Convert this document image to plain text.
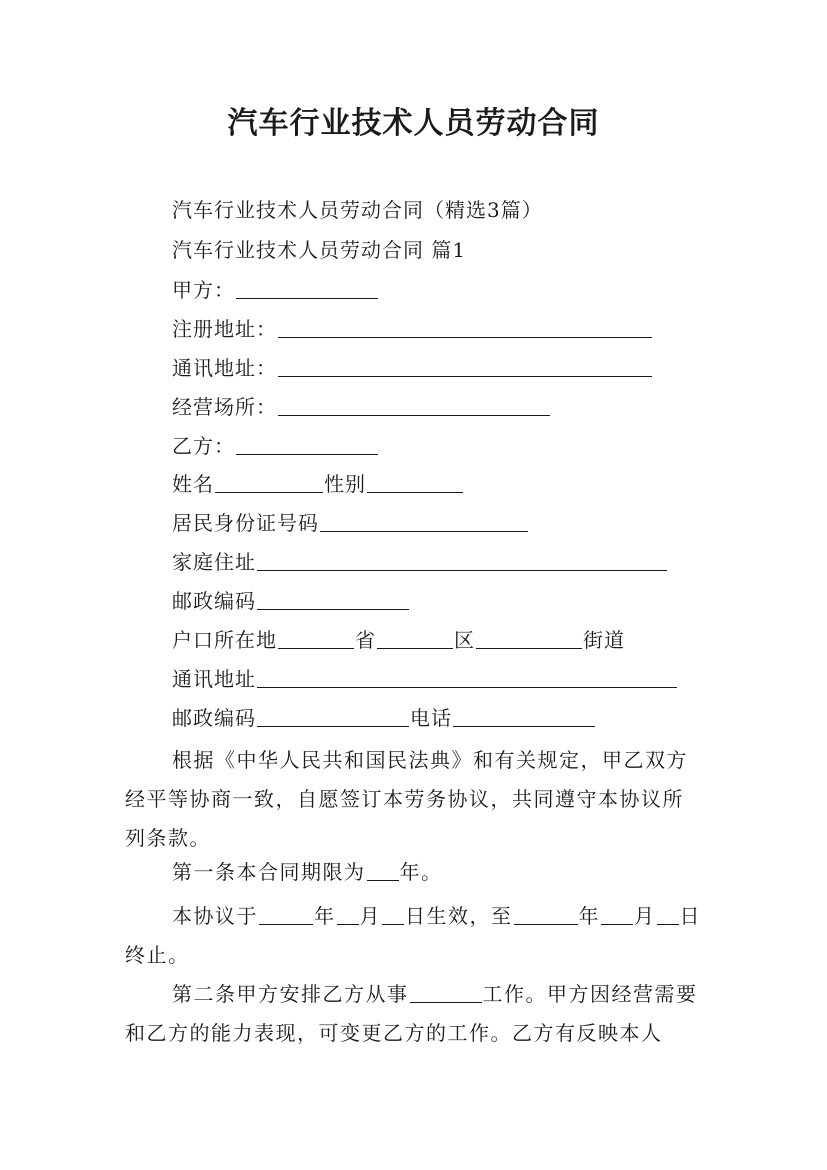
汽车行业技术人员劳动合同
汽车行业技术人员劳动合同（精选3篇）
汽车行业技术人员劳动合同 篇1
甲方：
注册地址：
通讯地址：
经营场所：
乙方：
姓名	性别
居民身份证号码
家庭住址
邮政编码
户口所在地	省	区	街道
通讯地址
邮政编码	电话
根据《中华人民共和国民法典》和有关规定，甲乙双方经平等协商一致，自愿签订本劳务协议，共同遵守本协议所列条款。
第一条本合同期限为 年。
本协议于	年 月 日生效，至	年 月 日终止。
第二条甲方安排乙方从事	工作。甲方因经营需要和乙方的能力表现，可变更乙方的工作。乙方有反映本人
